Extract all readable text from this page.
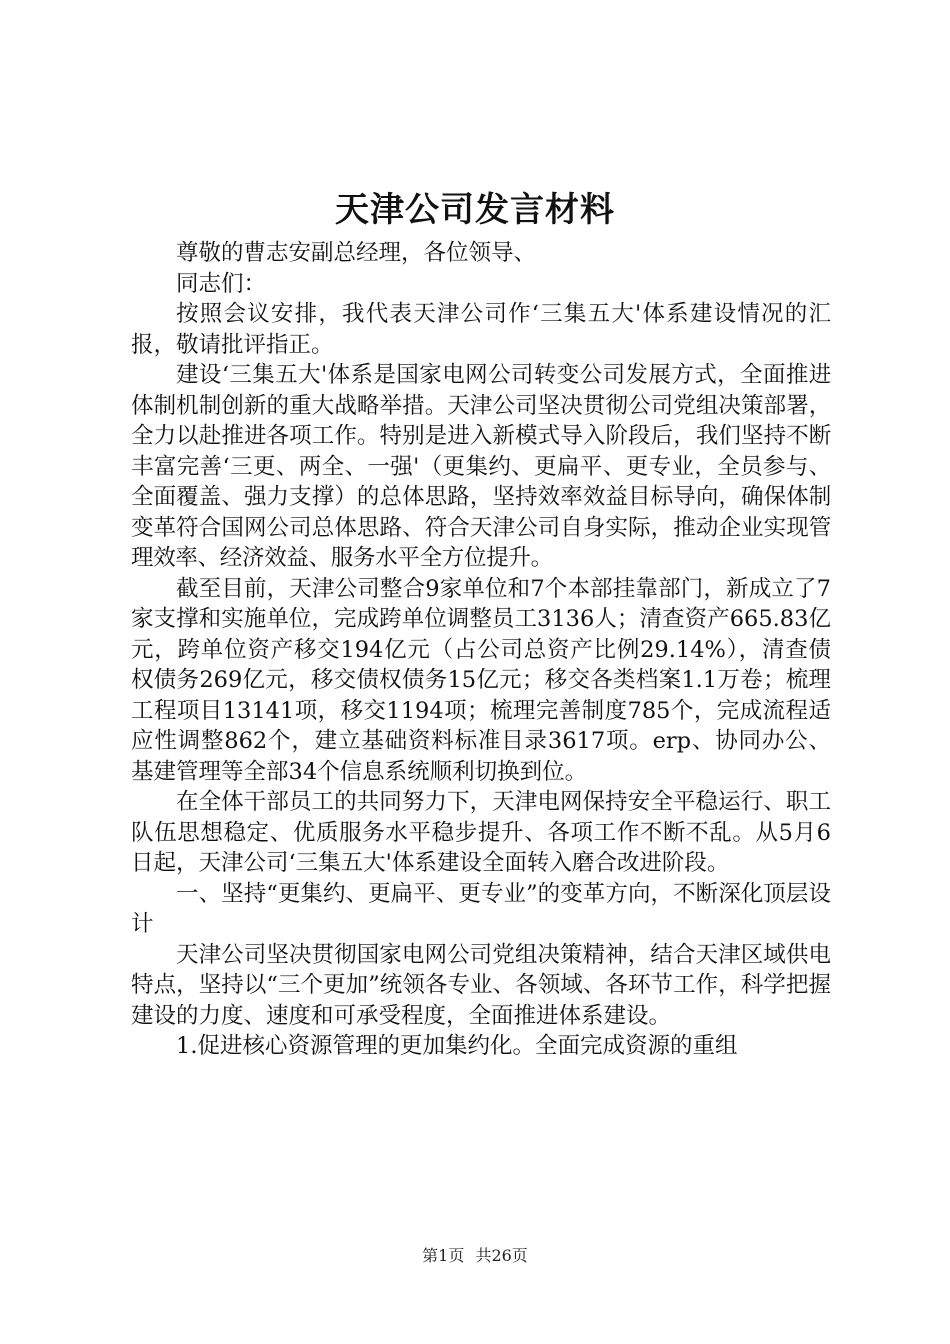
天津公司发言材料

尊敬的曹志安副总经理，各位领导、

同志们：

按照会议安排，我代表天津公司作‘三集五大'体系建设情况的汇报，敬请批评指正。

建设‘三集五大'体系是国家电网公司转变公司发展方式，全面推进体制机制创新的重大战略举措。天津公司坚决贯彻公司党组决策部署，全力以赴推进各项工作。特别是进入新模式导入阶段后，我们坚持不断丰富完善‘三更、两全、一强'（更集约、更扁平、更专业，全员参与、全面覆盖、强力支撑）的总体思路，坚持效率效益目标导向，确保体制变革符合国网公司总体思路、符合天津公司自身实际，推动企业实现管理效率、经济效益、服务水平全方位提升。

截至目前，天津公司整合9家单位和7个本部挂靠部门，新成立了7家支撑和实施单位，完成跨单位调整员工3136人；清查资产665.83亿元，跨单位资产移交194亿元（占公司总资产比例29.14%），清查债权债务269亿元，移交债权债务15亿元；移交各类档案1.1万卷；梳理工程项目13141项，移交1194项；梳理完善制度785个，完成流程适应性调整862个，建立基础资料标准目录3617项。erp、协同办公、基建管理等全部34个信息系统顺利切换到位。

在全体干部员工的共同努力下，天津电网保持安全平稳运行、职工队伍思想稳定、优质服务水平稳步提升、各项工作不断不乱。从5月6日起，天津公司‘三集五大'体系建设全面转入磨合改进阶段。

一、坚持“更集约、更扁平、更专业”的变革方向，不断深化顶层设计

天津公司坚决贯彻国家电网公司党组决策精神，结合天津区域供电特点，坚持以“三个更加”统领各专业、各领域、各环节工作，科学把握建设的力度、速度和可承受程度，全面推进体系建设。

1.促进核心资源管理的更加集约化。全面完成资源的重组

第1页 共26页
